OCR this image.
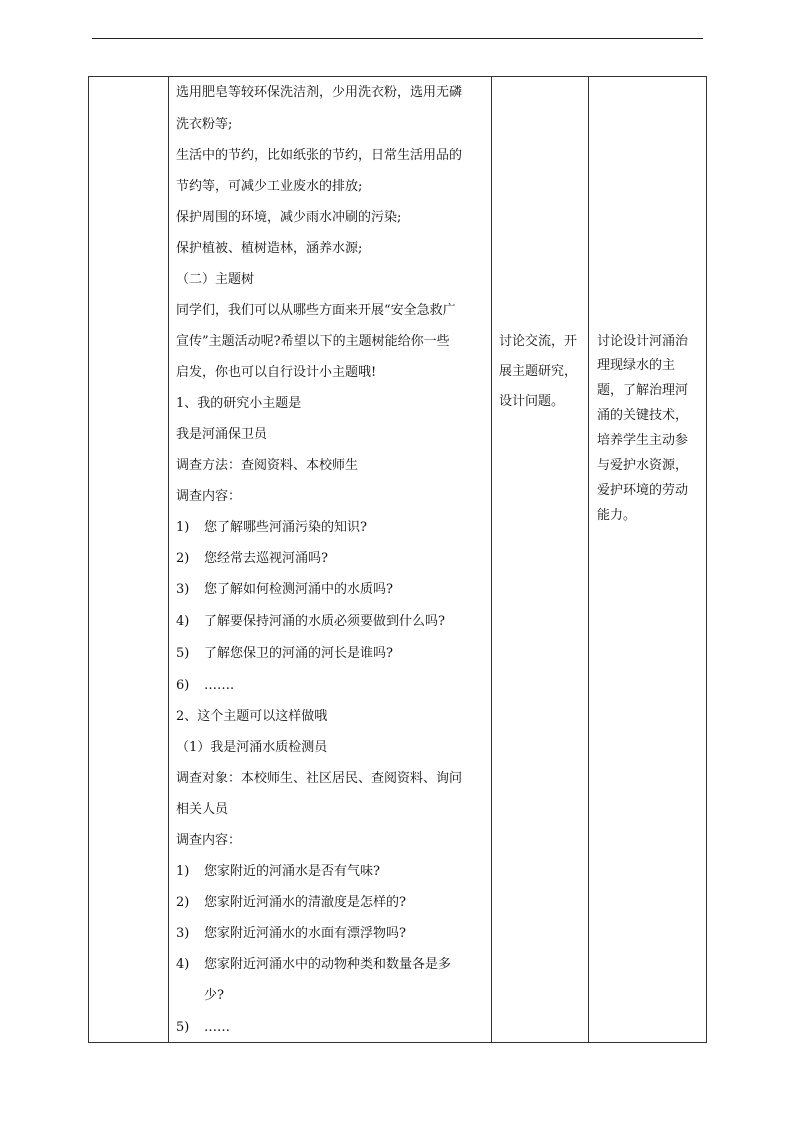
选用肥皂等较环保洗洁剂，少用洗衣粉，选用无磷
洗衣粉等;
生活中的节约，比如纸张的节约，日常生活用品的
节约等，可减少工业废水的排放;
保护周围的环境，减少雨水冲刷的污染;
保护植被、植树造林，涵养水源;
（二）主题树
同学们，我们可以从哪些方面来开展“安全急救广
宣传”主题活动呢?希望以下的主题树能给你一些
启发，你也可以自行设计小主题哦!
1、我的研究小主题是
我是河涌保卫员
调查方法：查阅资料、本校师生
调查内容：
1) 您了解哪些河涌污染的知识?
2) 您经常去巡视河涌吗?
3) 您了解如何检测河涌中的水质吗?
4) 了解要保持河涌的水质必须要做到什么吗?
5) 了解您保卫的河涌的河长是谁吗?
6) …….
2、这个主题可以这样做哦
（1）我是河涌水质检测员
调查对象：本校师生、社区居民、查阅资料、询问
相关人员
调查内容：
1) 您家附近的河涌水是否有气味?
2) 您家附近河涌水的清澈度是怎样的?
3) 您家附近河涌水的水面有漂浮物吗?
4) 您家附近河涌水中的动物种类和数量各是多
少?
5) ……
讨论交流，开
展主题研究，
设计问题。
讨论设计河涌治
理现绿水的主
题，了解治理河
涌的关键技术，
培养学生主动参
与爱护水资源，
爱护环境的劳动
能力。
